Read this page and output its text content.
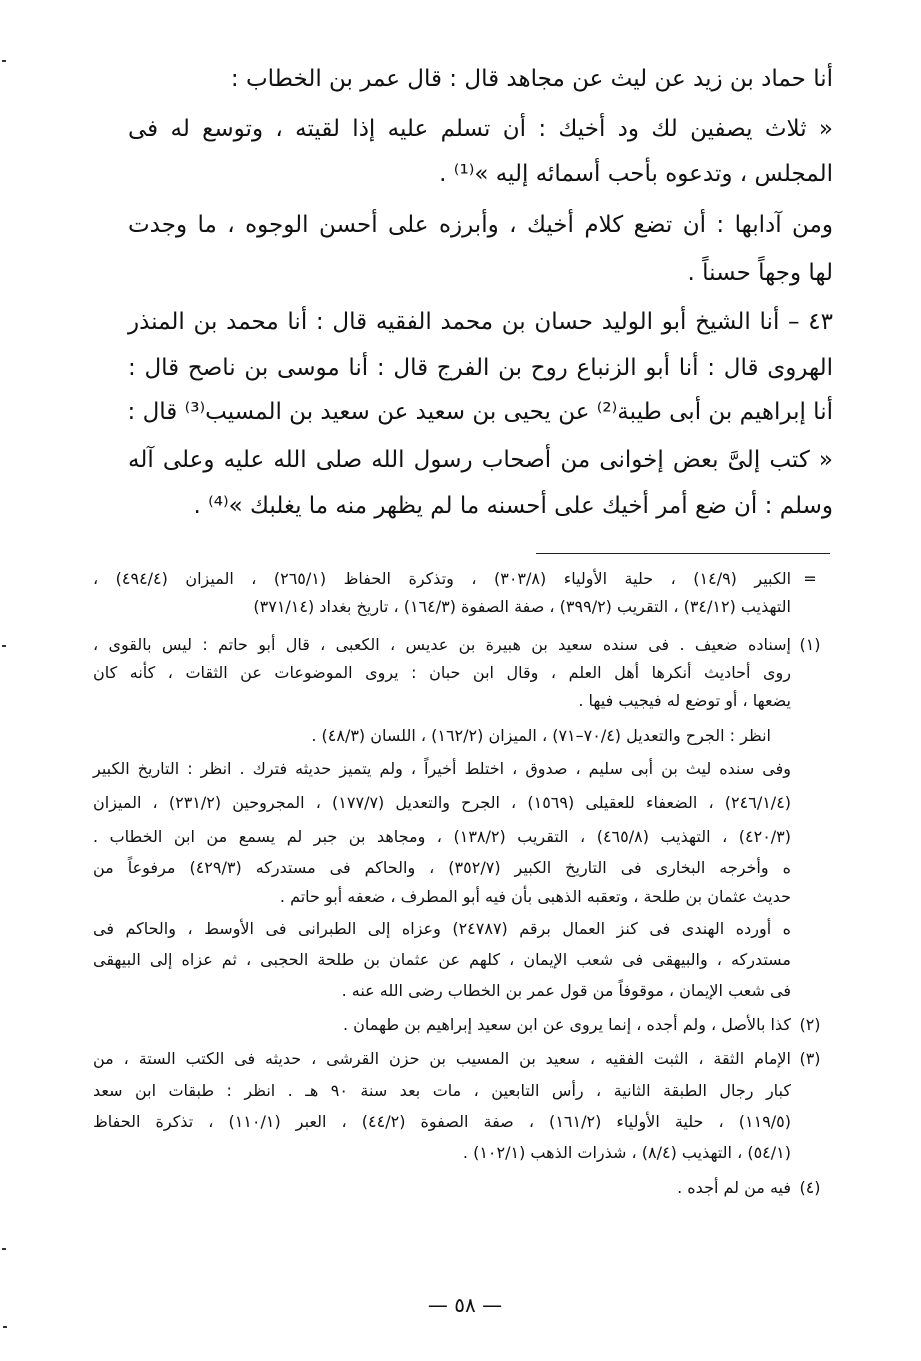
أنا حماد بن زيد عن ليث عن مجاهد قال : قال عمر بن الخطاب :
« ثلاث يصفين لك ود أخيك : أن تسلم عليه إذا لقيته ، وتوسع له فى
المجلس ، وتدعوه بأحب أسمائه إليه »⁽¹⁾ .
ومن آدابها : أن تضع كلام أخيك ، وأبرزه على أحسن الوجوه ، ما وجدت
لها وجهاً حسناً .
٤٣ – أنا الشيخ أبو الوليد حسان بن محمد الفقيه قال : أنا محمد بن المنذر
الهروى قال : أنا أبو الزنباع روح بن الفرج قال : أنا موسى بن ناصح قال :
أنا إبراهيم بن أبى طيبة⁽²⁾ عن يحيى بن سعيد عن سعيد بن المسيب⁽³⁾ قال :
« كتب إلىَّ بعض إخوانى من أصحاب رسول الله صلى الله عليه وعلى آله
وسلم : أن ضع أمر أخيك على أحسنه ما لم يظهر منه ما يغلبك »⁽⁴⁾ .
=
الكبير (١٤/٩) ، حلية الأولياء (٣٠٣/٨) ، وتذكرة الحفاظ (٢٦٥/١) ، الميزان (٤٩٤/٤) ،
التهذيب (٣٤/١٢) ، التقريب (٣٩٩/٢) ، صفة الصفوة (١٦٤/٣) ، تاريخ بغداد (٣٧١/١٤)
(١)
إسناده ضعيف . فى سنده سعيد بن هبيرة بن عديس ، الكعبى ، قال أبو حاتم : ليس بالقوى ،
روى أحاديث أنكرها أهل العلم ، وقال ابن حبان : يروى الموضوعات عن الثقات ، كأنه كان
يضعها ، أو توضع له فيجيب فيها .
انظر : الجرح والتعديل (٧٠/٤–٧١) ، الميزان (١٦٢/٢) ، اللسان (٤٨/٣) .
وفى سنده ليث بن أبى سليم ، صدوق ، اختلط أخيراً ، ولم يتميز حديثه فترك . انظر : التاريخ الكبير
(٢٤٦/١/٤) ، الضعفاء للعقيلى (١٥٦٩) ، الجرح والتعديل (١٧٧/٧) ، المجروحين (٢٣١/٢) ، الميزان
(٤٢٠/٣) ، التهذيب (٤٦٥/٨) ، التقريب (١٣٨/٢) ، ومجاهد بن جبر لم يسمع من ابن الخطاب .
ه وأخرجه البخارى فى التاريخ الكبير (٣٥٢/٧) ، والحاكم فى مستدركه (٤٢٩/٣) مرفوعاً من
حديث عثمان بن طلحة ، وتعقبه الذهبى بأن فيه أبو المطرف ، ضعفه أبو حاتم .
ه أورده الهندى فى كنز العمال برقم (٢٤٧٨٧) وعزاه إلى الطبرانى فى الأوسط ، والحاكم فى
مستدركه ، والبيهقى فى شعب الإيمان ، كلهم عن عثمان بن طلحة الحجبى ، ثم عزاه إلى البيهقى
فى شعب الإيمان ، موقوفاً من قول عمر بن الخطاب رضى الله عنه .
(٢)
كذا بالأصل ، ولم أجده ، إنما يروى عن ابن سعيد إبراهيم بن طهمان .
(٣)
الإمام الثقة ، الثبت الفقيه ، سعيد بن المسيب بن حزن القرشى ، حديثه فى الكتب الستة ، من
كبار رجال الطبقة الثانية ، رأس التابعين ، مات بعد سنة ٩٠ هـ . انظر : طبقات ابن سعد
(١١٩/٥) ، حلية الأولياء (١٦١/٢) ، صفة الصفوة (٤٤/٢) ، العبر (١١٠/١) ، تذكرة الحفاظ
(٥٤/١) ، التهذيب (٨/٤) ، شذرات الذهب (١٠٢/١) .
(٤)
فيه من لم أجده .
— ٥٨ —
